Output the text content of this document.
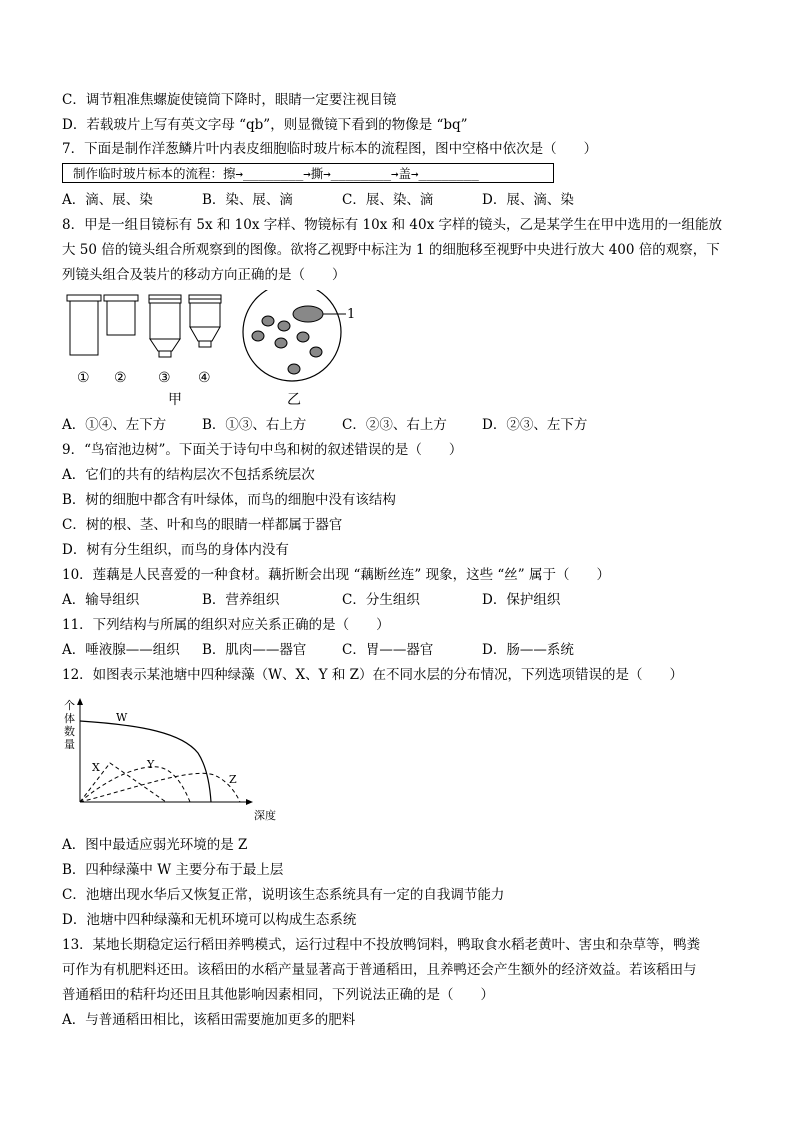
C．调节粗准焦螺旋使镜筒下降时，眼睛一定要注视目镜
D．若载玻片上写有英文字母 “qb”，则显微镜下看到的物像是 “bq”
7．下面是制作洋葱鳞片叶内表皮细胞临时玻片标本的流程图，图中空格中依次是（　　）
制作临时玻片标本的流程：擦→________→撕→________→盖→________
A．滴、展、染	B．染、展、滴	C．展、染、滴	D．展、滴、染
8．甲是一组目镜标有 5x 和 10x 字样、物镜标有 10x 和 40x 字样的镜头，乙是某学生在甲中选用的一组能放
大 50 倍的镜头组合所观察到的图像。欲将乙视野中标注为 1 的细胞移至视野中央进行放大 400 倍的观察，下
列镜头组合及装片的移动方向正确的是（　　）
1
① ② ③ ④
甲	乙
A．①④、左下方	B．①③、右上方	C．②③、右上方	D．②③、左下方
9．“鸟宿池边树”。下面关于诗句中鸟和树的叙述错误的是（　　）
A．它们的共有的结构层次不包括系统层次
B．树的细胞中都含有叶绿体，而鸟的细胞中没有该结构
C．树的根、茎、叶和鸟的眼睛一样都属于器官
D．树有分生组织，而鸟的身体内没有
10．莲藕是人民喜爱的一种食材。藕折断会出现 “藕断丝连” 现象，这些 “丝” 属于（　　）
A．输导组织	B．营养组织	C．分生组织	D．保护组织
11．下列结构与所属的组织对应关系正确的是（　　）
A．唾液腺——组织 B．肌肉——器官	C．胃——器官	D．肠——系统
12．如图表示某池塘中四种绿藻（W、X、Y 和 Z）在不同水层的分布情况，下列选项错误的是（　　）
个
体
数
量
深度
W
X	Y
Z
A．图中最适应弱光环境的是 Z
B．四种绿藻中 W 主要分布于最上层
C．池塘出现水华后又恢复正常，说明该生态系统具有一定的自我调节能力
D．池塘中四种绿藻和无机环境可以构成生态系统
13．某地长期稳定运行稻田养鸭模式，运行过程中不投放鸭饲料，鸭取食水稻老黄叶、害虫和杂草等，鸭粪
可作为有机肥料还田。该稻田的水稻产量显著高于普通稻田，且养鸭还会产生额外的经济效益。若该稻田与
普通稻田的秸秆均还田且其他影响因素相同，下列说法正确的是（　　）
A．与普通稻田相比，该稻田需要施加更多的肥料
